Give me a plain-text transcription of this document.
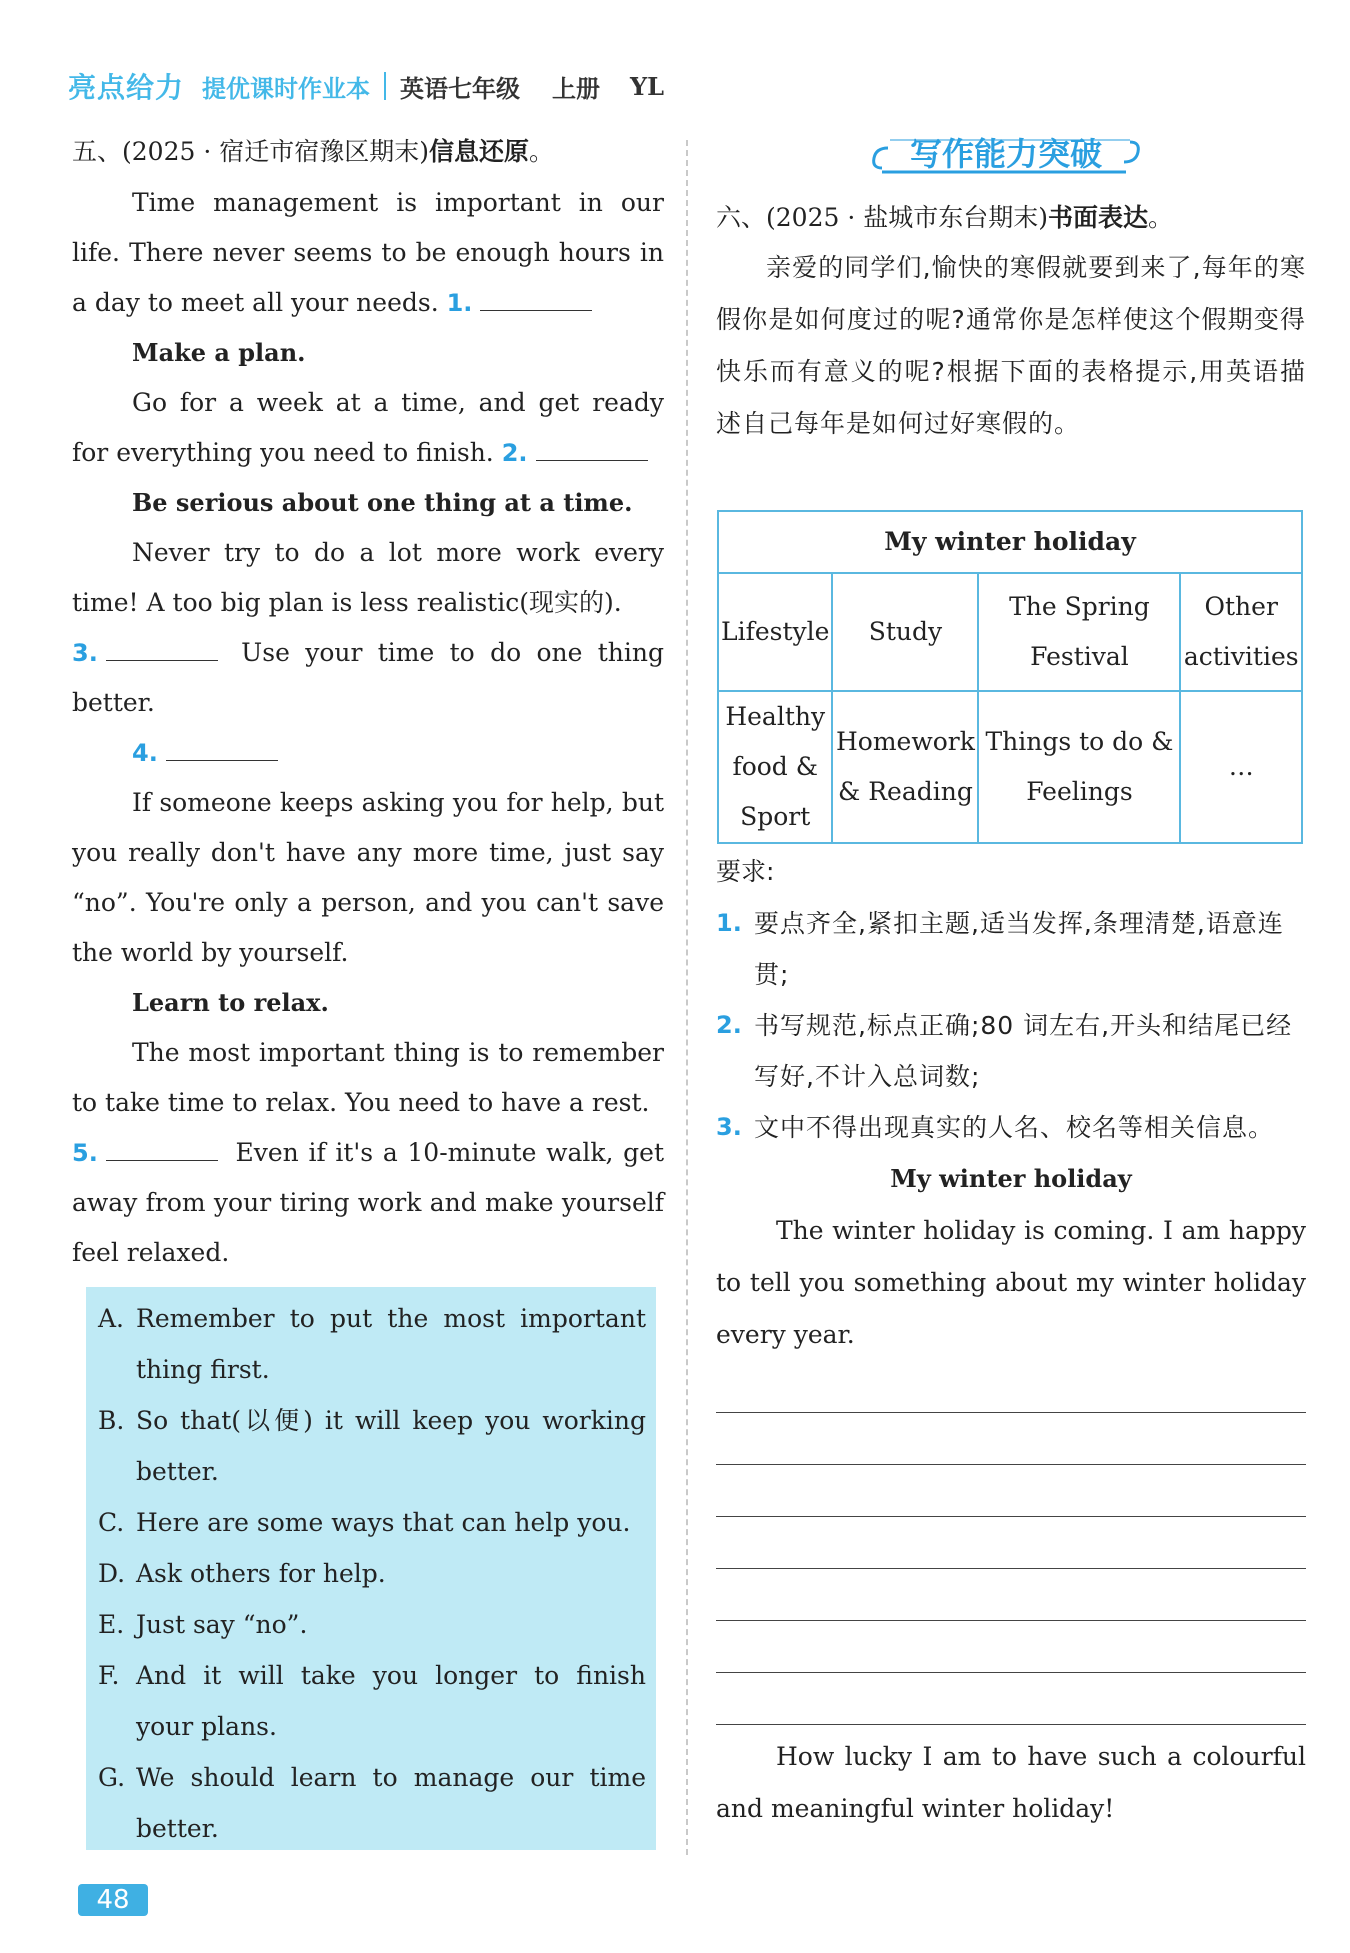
亮点给力 提优课时作业本 英语七年级 上册 YL
五、(2025 · 宿迁市宿豫区期末)信息还原。
Time management is important in our life. There never seems to be enough hours in a day to meet all your needs. 1.
Make a plan.
Go for a week at a time, and get ready for everything you need to finish. 2.
Be serious about one thing at a time.
Never try to do a lot more work every time! A too big plan is less realistic(现实的).
3.	Use your time to do one thing better.
4.
If someone keeps asking you for help, but you really don't have any more time, just say “no”. You're only a person, and you can't save the world by yourself.
Learn to relax.
The most important thing is to remember to take time to relax. You need to have a rest.
5.	Even if it's a 10-minute walk, get away from your tiring work and make yourself feel relaxed.
A. Remember to put the most important thing first.
B. So that(以便) it will keep you working better.
C. Here are some ways that can help you.
D. Ask others for help.
E. Just say “no”.
F. And it will take you longer to finish your plans.
G. We should learn to manage our time better.
写作能力突破
六、(2025 · 盐城市东台期末)书面表达。
亲爱的同学们,愉快的寒假就要到来了,每年的寒假你是如何度过的呢?通常你是怎样使这个假期变得快乐而有意义的呢?根据下面的表格提示,用英语描述自己每年是如何过好寒假的。
My winter holiday			
Lifestyle	Study	The Spring Festival	Other activities
Healthy food & Sport	Homework & Reading	Things to do & Feelings	…
要求:
1. 要点齐全,紧扣主题,适当发挥,条理清楚,语意连贯;
2. 书写规范,标点正确;80 词左右,开头和结尾已经写好,不计入总词数;
3. 文中不得出现真实的人名、校名等相关信息。
My winter holiday
The winter holiday is coming. I am happy to tell you something about my winter holiday every year.
How lucky I am to have such a colourful and meaningful winter holiday!
48
